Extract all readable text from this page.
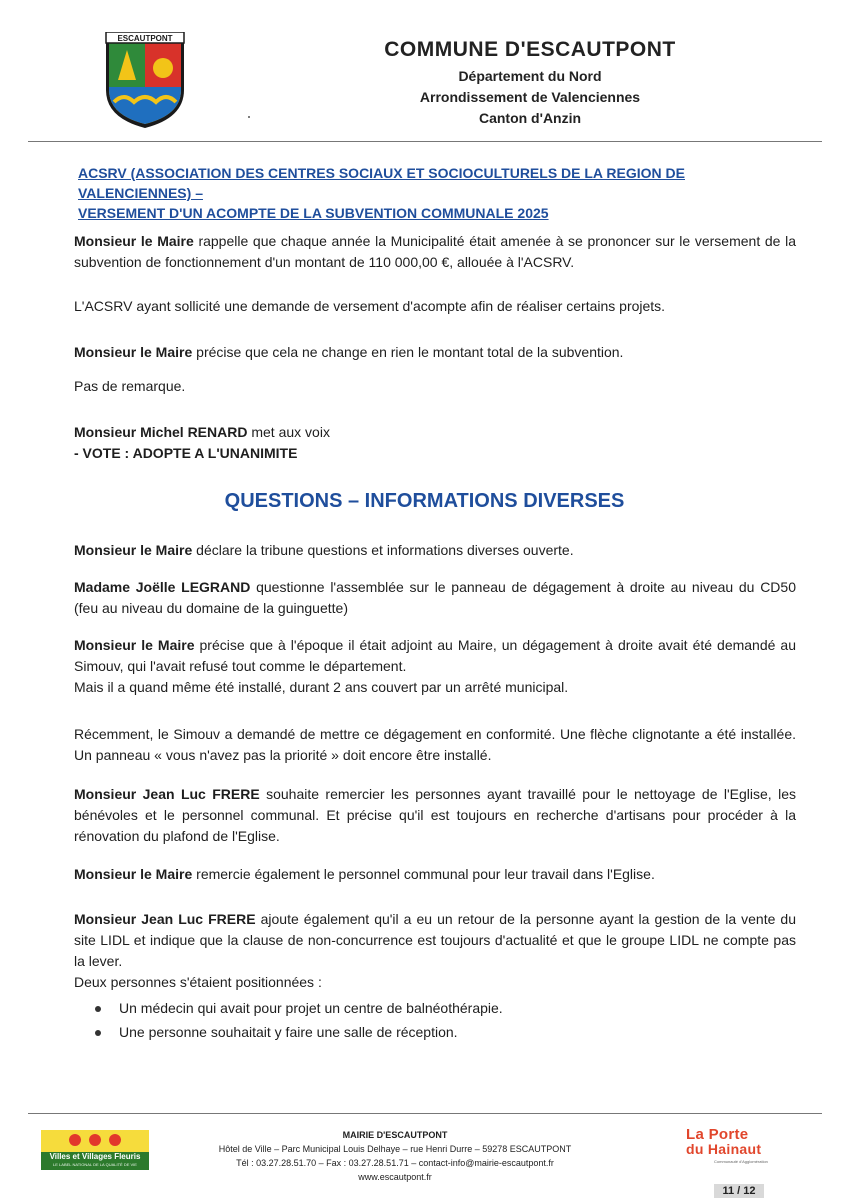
ESCAUTPONT	COMMUNE D'ESCAUTPONT
Département du Nord
Arrondissement de Valenciennes
Canton d'Anzin
ACSRV (ASSOCIATION DES CENTRES SOCIAUX ET SOCIOCULTURELS DE LA REGION DE VALENCIENNES) –
VERSEMENT D'UN ACOMPTE DE LA SUBVENTION COMMUNALE 2025
Monsieur le Maire rappelle que chaque année la Municipalité était amenée à se prononcer sur le versement de la subvention de fonctionnement d'un montant de 110 000,00 €, allouée à l'ACSRV.
L'ACSRV ayant sollicité une demande de versement d'acompte afin de réaliser certains projets.
Monsieur le Maire précise que cela ne change en rien le montant total de la subvention.
Pas de remarque.
Monsieur Michel RENARD met aux voix
- VOTE : ADOPTE A L'UNANIMITE
QUESTIONS – INFORMATIONS DIVERSES
Monsieur le Maire déclare la tribune questions et informations diverses ouverte.
Madame Joëlle LEGRAND questionne l'assemblée sur le panneau de dégagement à droite au niveau du CD50 (feu au niveau du domaine de la guinguette)
Monsieur le Maire précise que à l'époque il était adjoint au Maire, un dégagement à droite avait été demandé au Simouv, qui l'avait refusé tout comme le département.
Mais il a quand même été installé, durant 2 ans couvert par un arrêté municipal.
Récemment, le Simouv a demandé de mettre ce dégagement en conformité. Une flèche clignotante a été installée. Un panneau « vous n'avez pas la priorité » doit encore être installé.
Monsieur Jean Luc FRERE souhaite remercier les personnes ayant travaillé pour le nettoyage de l'Eglise, les bénévoles et le personnel communal. Et précise qu'il est toujours en recherche d'artisans pour procéder à la rénovation du plafond de l'Eglise.
Monsieur le Maire remercie également le personnel communal pour leur travail dans l'Eglise.
Monsieur Jean Luc FRERE ajoute également qu'il a eu un retour de la personne ayant la gestion de la vente du site LIDL et indique que la clause de non-concurrence est toujours d'actualité et que le groupe LIDL ne compte pas la lever.
Deux personnes s'étaient positionnées :
Un médecin qui avait pour projet un centre de balnéothérapie.
Une personne souhaitait y faire une salle de réception.
Villes et Villages Fleuris
LE LABEL NATIONAL DE LA QUALITÉ DE VIE
MAIRIE D'ESCAUTPONT
Hôtel de Ville – Parc Municipal Louis Delhaye – rue Henri Durre – 59278 ESCAUTPONT
Tél : 03.27.28.51.70 – Fax : 03.27.28.51.71 – contact-info@mairie-escautpont.fr
www.escautpont.fr
La Porte
du Hainaut
Communauté d'Agglomération
11 / 12
